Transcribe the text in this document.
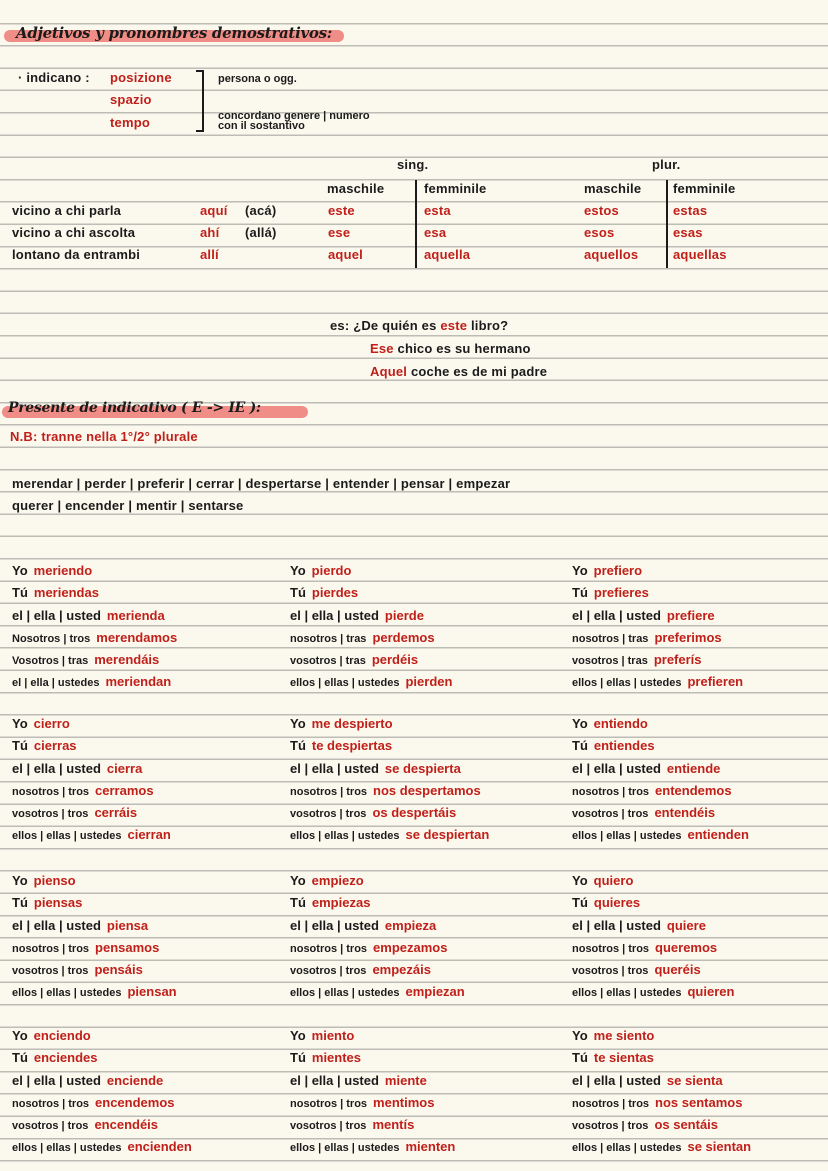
Adjetivos y pronombres demostrativos:
· indicano : posizione
spazio
tempo
persona o ogg.
concordano genere | numero
con il sostantivo
sing.	plur.
maschile	femminile	maschile femminile
vicino a chi parla	aquí (acá)	este	esta	estos	estas
vicino a chi ascolta	ahí (allá)	ese	esa	esos	esas
lontano da entrambi	allí	aquel	aquella	aquellos	aquellas
es: ¿De quién es este libro?
Ese chico es su hermano
Aquel coche es de mi padre
Presente de indicativo ( E -> IE ):
N.B: tranne nella 1°/2° plurale
merendar | perder | preferir | cerrar | despertarse | entender | pensar | empezar
querer | encender | mentir | sentarse
Yo meriendo
Tú meriendas
el | ella | usted merienda
Nosotros | tros merendamos
Vosotros | tras merendáis
el | ella | ustedes meriendan
Yo pierdo
Tú pierdes
el | ella | usted pierde
nosotros | tras perdemos
vosotros | tras perdéis
ellos | ellas | ustedes pierden
Yo prefiero
Tú prefieres
el | ella | usted prefiere
nosotros | tras preferimos
vosotros | tras preferís
ellos | ellas | ustedes prefieren
Yo cierro
Tú cierras
el | ella | usted cierra
nosotros | tros cerramos
vosotros | tros cerráis
ellos | ellas | ustedes cierran
Yo me despierto
Tú te despiertas
el | ella | usted se despierta
nosotros | tros nos despertamos
vosotros | tros os despertáis
ellos | ellas | ustedes se despiertan
Yo entiendo
Tú entiendes
el | ella | usted entiende
nosotros | tros entendemos
vosotros | tros entendéis
ellos | ellas | ustedes entienden
Yo pienso
Tú piensas
el | ella | usted piensa
nosotros | tros pensamos
vosotros | tros pensáis
ellos | ellas | ustedes piensan
Yo empiezo
Tú empiezas
el | ella | usted empieza
nosotros | tros empezamos
vosotros | tros empezáis
ellos | ellas | ustedes empiezan
Yo quiero
Tú quieres
el | ella | usted quiere
nosotros | tros queremos
vosotros | tros queréis
ellos | ellas | ustedes quieren
Yo enciendo
Tú enciendes
el | ella | usted enciende
nosotros | tros encendemos
vosotros | tros encendéis
ellos | ellas | ustedes encienden
Yo miento
Tú mientes
el | ella | usted miente
nosotros | tros mentimos
vosotros | tros mentís
ellos | ellas | ustedes mienten
Yo me siento
Tú te sientas
el | ella | usted se sienta
nosotros | tros nos sentamos
vosotros | tros os sentáis
ellos | ellas | ustedes se sientan
